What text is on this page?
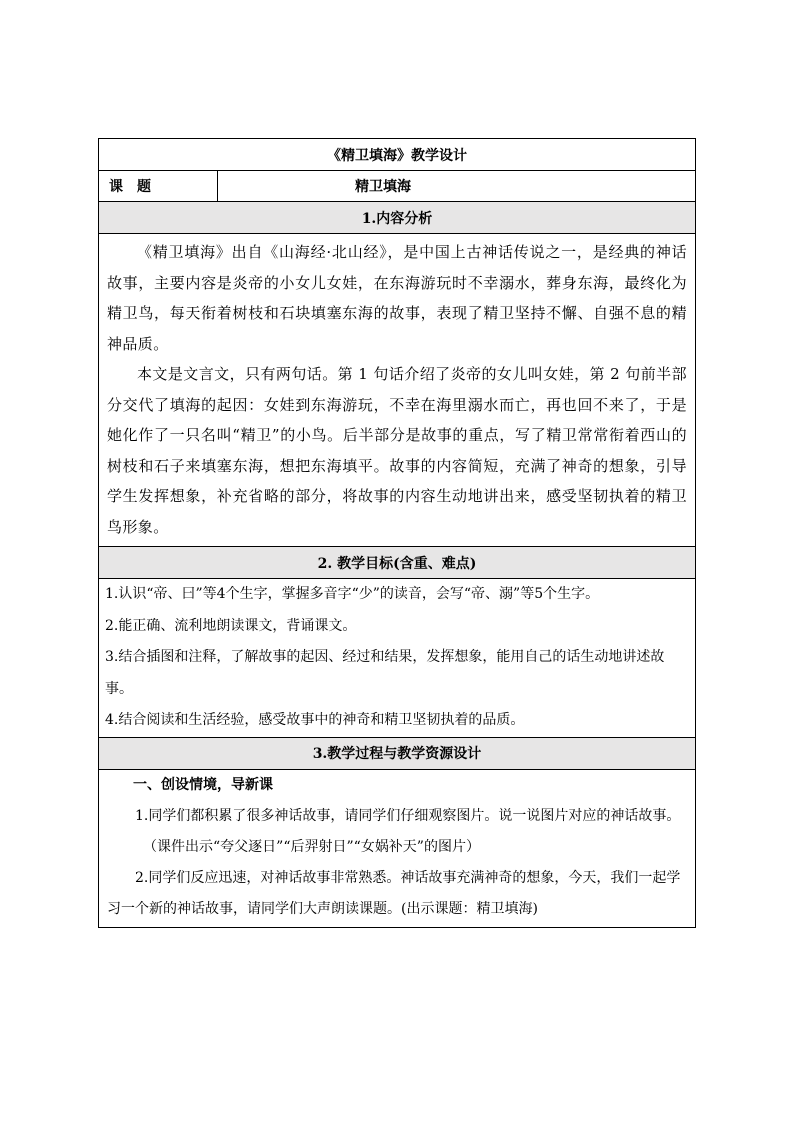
《精卫填海》教学设计
课　题	精卫填海
1.内容分析

《精卫填海》出自《山海经·北山经》，是中国上古神话传说之一，是经典的神话故事，主要内容是炎帝的小女儿女娃，在东海游玩时不幸溺水，葬身东海，最终化为精卫鸟，每天衔着树枝和石块填塞东海的故事，表现了精卫坚持不懈、自强不息的精神品质。

本文是文言文，只有两句话。第 1 句话介绍了炎帝的女儿叫女娃，第 2 句前半部分交代了填海的起因：女娃到东海游玩，不幸在海里溺水而亡，再也回不来了，于是她化作了一只名叫“精卫”的小鸟。后半部分是故事的重点，写了精卫常常衔着西山的树枝和石子来填塞东海，想把东海填平。故事的内容简短，充满了神奇的想象，引导学生发挥想象，补充省略的部分，将故事的内容生动地讲出来，感受坚韧执着的精卫鸟形象。

2. 教学目标(含重、难点)

1.认识“帝、曰”等4个生字，掌握多音字“少”的读音，会写“帝、溺”等5个生字。

2.能正确、流利地朗读课文，背诵课文。

3.结合插图和注释，了解故事的起因、经过和结果，发挥想象，能用自己的话生动地讲述故事。

4.结合阅读和生活经验，感受故事中的神奇和精卫坚韧执着的品质。

3.教学过程与教学资源设计

一、创设情境，导新课

1.同学们都积累了很多神话故事，请同学们仔细观察图片。说一说图片对应的神话故事。

（课件出示“夸父逐日”“后羿射日”“女娲补天”的图片）

2.同学们反应迅速，对神话故事非常熟悉。神话故事充满神奇的想象，今天，我们一起学习一个新的神话故事，请同学们大声朗读课题。(出示课题：精卫填海)
